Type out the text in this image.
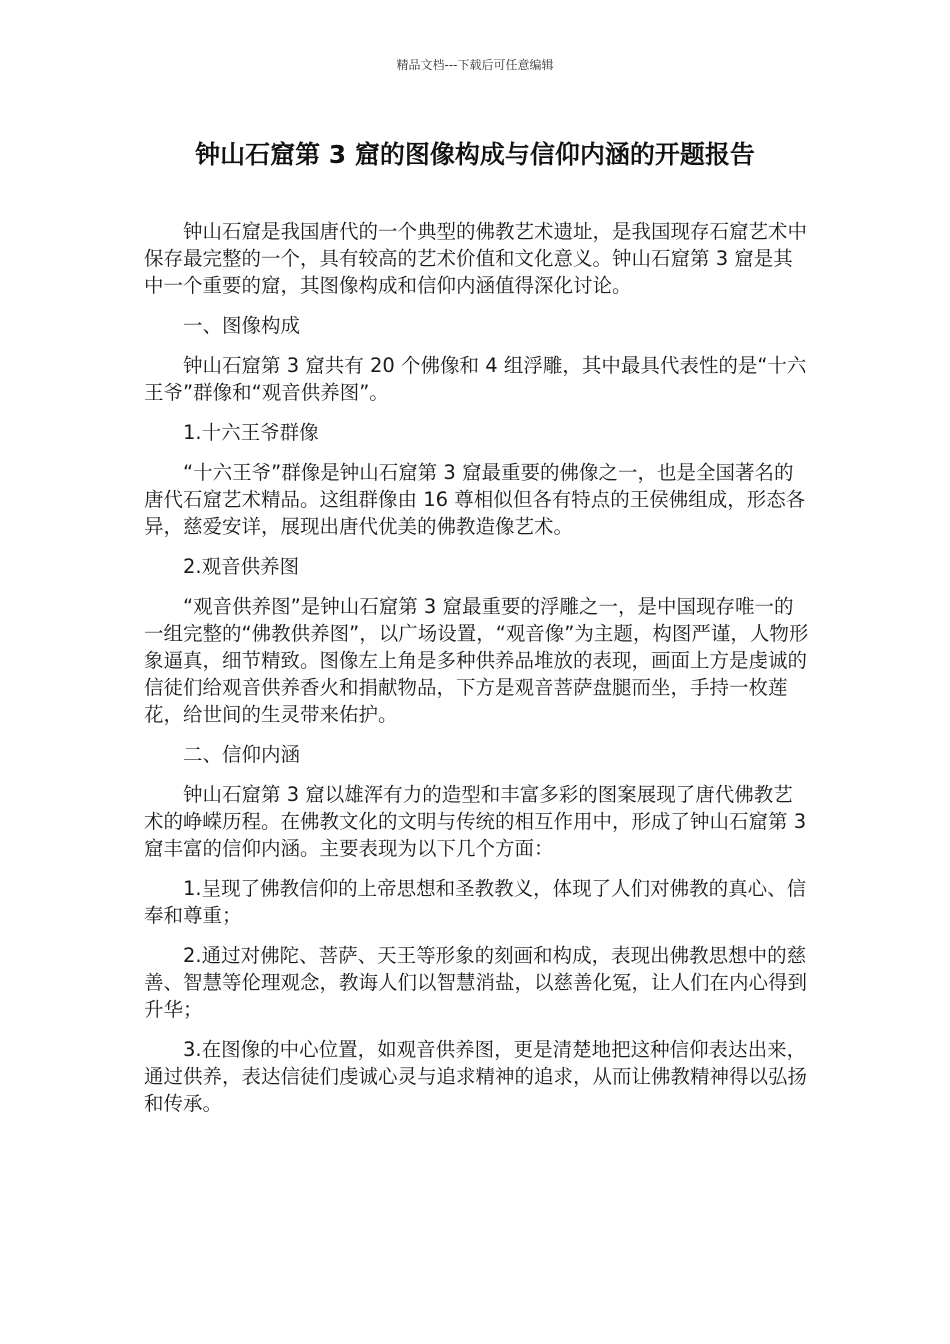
精品文档---下载后可任意编辑
钟山石窟第 3 窟的图像构成与信仰内涵的开题报告

钟山石窟是我国唐代的一个典型的佛教艺术遗址，是我国现存石窟艺术中保存最完整的一个，具有较高的艺术价值和文化意义。钟山石窟第 3 窟是其中一个重要的窟，其图像构成和信仰内涵值得深化讨论。

一、图像构成

钟山石窟第 3 窟共有 20 个佛像和 4 组浮雕，其中最具代表性的是“十六王爷”群像和“观音供养图”。

1.十六王爷群像

“十六王爷”群像是钟山石窟第 3 窟最重要的佛像之一，也是全国著名的唐代石窟艺术精品。这组群像由 16 尊相似但各有特点的王侯佛组成，形态各异，慈爱安详，展现出唐代优美的佛教造像艺术。

2.观音供养图

“观音供养图”是钟山石窟第 3 窟最重要的浮雕之一，是中国现存唯一的一组完整的“佛教供养图”，以广场设置，“观音像”为主题，构图严谨，人物形象逼真，细节精致。图像左上角是多种供养品堆放的表现，画面上方是虔诚的信徒们给观音供养香火和捐献物品，下方是观音菩萨盘腿而坐，手持一枚莲花，给世间的生灵带来佑护。

二、信仰内涵

钟山石窟第 3 窟以雄浑有力的造型和丰富多彩的图案展现了唐代佛教艺术的峥嵘历程。在佛教文化的文明与传统的相互作用中，形成了钟山石窟第 3 窟丰富的信仰内涵。主要表现为以下几个方面：

1.呈现了佛教信仰的上帝思想和圣教教义，体现了人们对佛教的真心、信奉和尊重；

2.通过对佛陀、菩萨、天王等形象的刻画和构成，表现出佛教思想中的慈善、智慧等伦理观念，教诲人们以智慧消盐，以慈善化冤，让人们在内心得到升华；

3.在图像的中心位置，如观音供养图，更是清楚地把这种信仰表达出来，通过供养，表达信徒们虔诚心灵与追求精神的追求，从而让佛教精神得以弘扬和传承。
